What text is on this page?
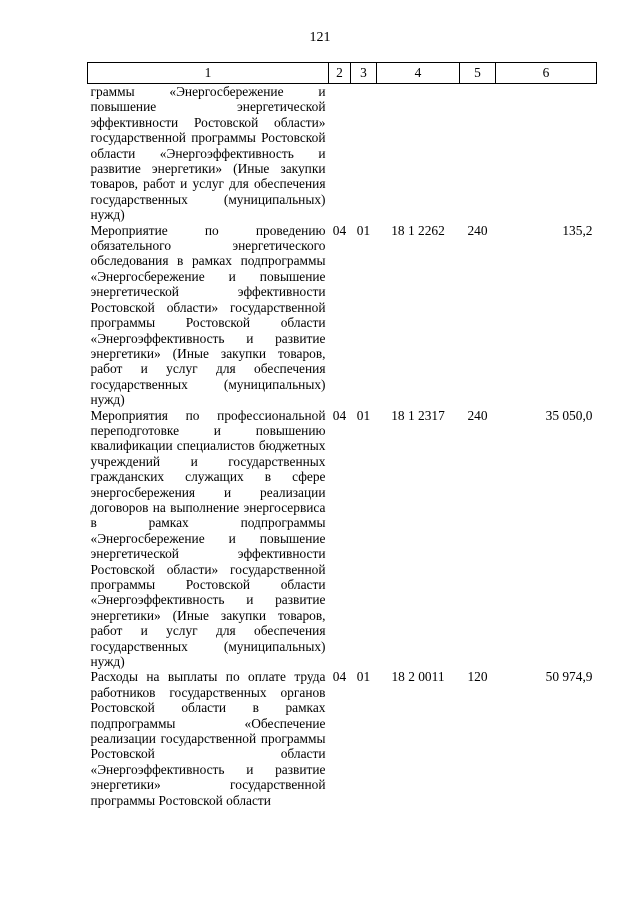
121
1	2	3	4	5	6
граммы «Энергосбережение и повышение энергетической эффективности Ростовской области» государственной программы Ростовской области «Энергоэффективность и развитие энергетики» (Иные закупки товаров, работ и услуг для обеспечения государственных (муниципальных) нужд)					
Мероприятие по проведению обязательного энергетического обследования в рамках подпрограммы «Энергосбережение и повышение энергетической эффективности Ростовской области» государственной программы Ростовской области «Энергоэффективность и развитие энергетики» (Иные закупки товаров, работ и услуг для обеспечения государственных (муниципальных) нужд)	04	01	18 1 2262	240	135,2
Мероприятия по профессиональной переподготовке и повышению квалификации специалистов бюджетных учреждений и государственных гражданских служащих в сфере энергосбережения и реализации договоров на выполнение энергосервиса в рамках подпрограммы «Энергосбережение и повышение энергетической эффективности Ростовской области» государственной программы Ростовской области «Энергоэффективность и развитие энергетики» (Иные закупки товаров, работ и услуг для обеспечения государственных (муниципальных) нужд)	04	01	18 1 2317	240	35 050,0
Расходы на выплаты по оплате труда работников государственных органов Ростовской области в рамках подпрограммы «Обеспечение реализации государственной программы Ростовской области «Энергоэффективность и развитие энергетики» государственной программы Ростовской области	04	01	18 2 0011	120	50 974,9
